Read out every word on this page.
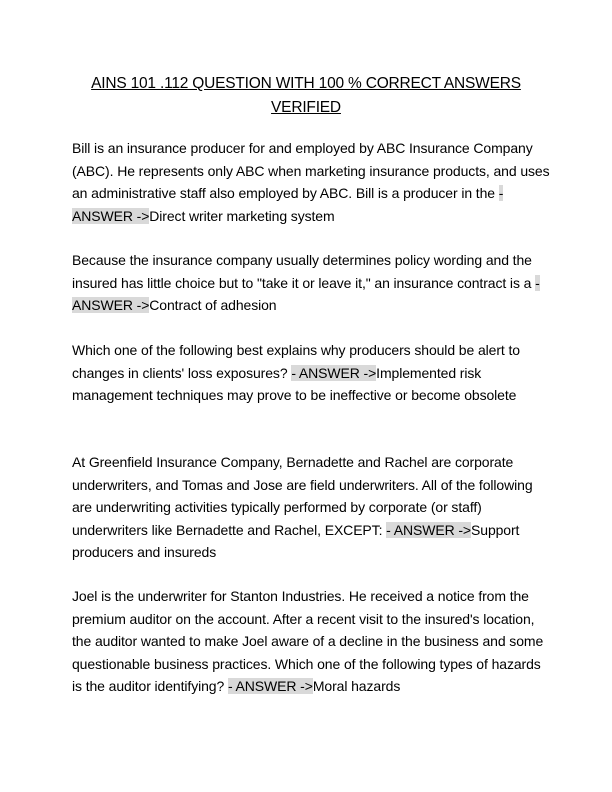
AINS 101 .112 QUESTION WITH 100 % CORRECT ANSWERS
VERIFIED

Bill is an insurance producer for and employed by ABC Insurance Company (ABC). He represents only ABC when marketing insurance products, and uses an administrative staff also employed by ABC. Bill is a producer in the - ANSWER ->Direct writer marketing system

Because the insurance company usually determines policy wording and the insured has little choice but to "take it or leave it," an insurance contract is a - ANSWER ->Contract of adhesion

Which one of the following best explains why producers should be alert to changes in clients' loss exposures? - ANSWER ->Implemented risk management techniques may prove to be ineffective or become obsolete

At Greenfield Insurance Company, Bernadette and Rachel are corporate underwriters, and Tomas and Jose are field underwriters. All of the following are underwriting activities typically performed by corporate (or staff) underwriters like Bernadette and Rachel, EXCEPT: - ANSWER ->Support producers and insureds

Joel is the underwriter for Stanton Industries. He received a notice from the premium auditor on the account. After a recent visit to the insured's location, the auditor wanted to make Joel aware of a decline in the business and some questionable business practices. Which one of the following types of hazards is the auditor identifying? - ANSWER ->Moral hazards
